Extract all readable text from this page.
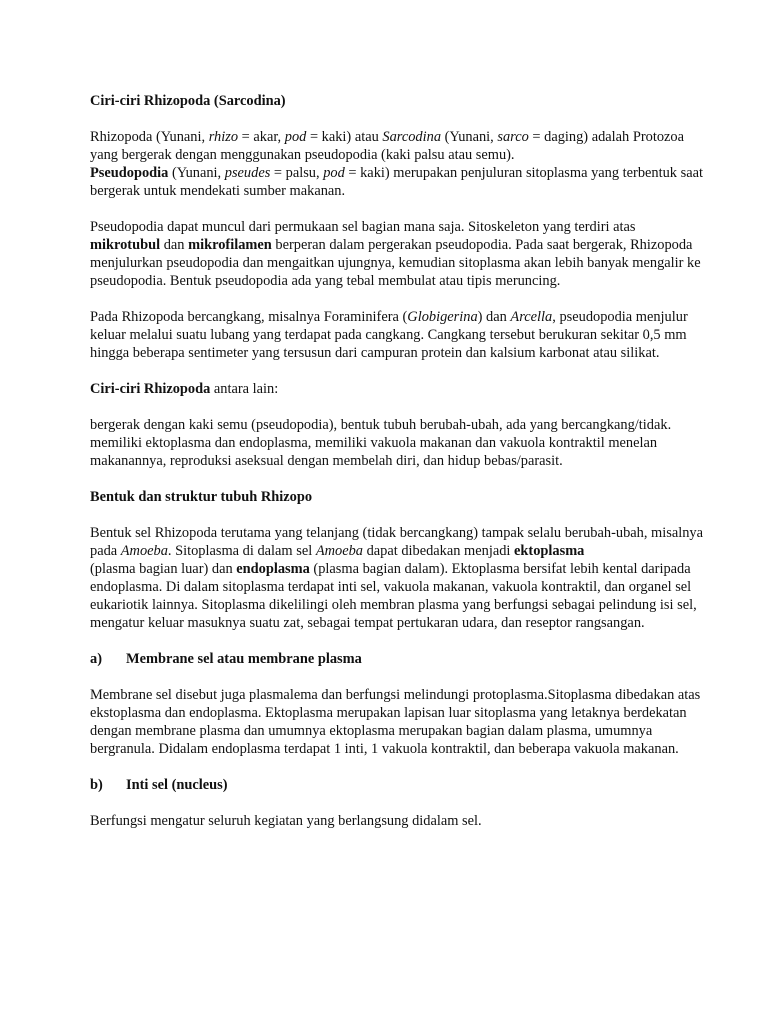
Ciri-ciri Rhizopoda (Sarcodina)

Rhizopoda (Yunani, rhizo = akar, pod = kaki) atau Sarcodina (Yunani, sarco = daging) adalah Protozoa yang bergerak dengan menggunakan pseudopodia (kaki palsu atau semu).
Pseudopodia (Yunani, pseudes = palsu, pod = kaki) merupakan penjuluran sitoplasma yang terbentuk saat bergerak untuk mendekati sumber makanan.

Pseudopodia dapat muncul dari permukaan sel bagian mana saja. Sitoskeleton yang terdiri atas
mikrotubul dan mikrofilamen berperan dalam pergerakan pseudopodia. Pada saat bergerak, Rhizopoda menjulurkan pseudopodia dan mengaitkan ujungnya, kemudian sitoplasma akan lebih banyak mengalir ke pseudopodia. Bentuk pseudopodia ada yang tebal membulat atau tipis meruncing.

Pada Rhizopoda bercangkang, misalnya Foraminifera (Globigerina) dan Arcella, pseudopodia menjulur keluar melalui suatu lubang yang terdapat pada cangkang. Cangkang tersebut berukuran sekitar 0,5 mm hingga beberapa sentimeter yang tersusun dari campuran protein dan kalsium karbonat atau silikat.

Ciri-ciri Rhizopoda antara lain:

bergerak dengan kaki semu (pseudopodia), bentuk tubuh berubah-ubah, ada yang bercangkang/tidak. memiliki ektoplasma dan endoplasma, memiliki vakuola makanan dan vakuola kontraktil menelan makanannya, reproduksi aseksual dengan membelah diri, dan hidup bebas/parasit.

Bentuk dan struktur tubuh Rhizopo

Bentuk sel Rhizopoda terutama yang telanjang (tidak bercangkang) tampak selalu berubah-ubah, misalnya pada Amoeba. Sitoplasma di dalam sel Amoeba dapat dibedakan menjadi ektoplasma
(plasma bagian luar) dan endoplasma (plasma bagian dalam). Ektoplasma bersifat lebih kental daripada endoplasma. Di dalam sitoplasma terdapat inti sel, vakuola makanan, vakuola kontraktil, dan organel sel eukariotik lainnya. Sitoplasma dikelilingi oleh membran plasma yang berfungsi sebagai pelindung isi sel, mengatur keluar masuknya suatu zat, sebagai tempat pertukaran udara, dan reseptor rangsangan.

a) Membrane sel atau membrane plasma

Membrane sel disebut juga plasmalema dan berfungsi melindungi protoplasma.Sitoplasma dibedakan atas ekstoplasma dan endoplasma. Ektoplasma merupakan lapisan luar sitoplasma yang letaknya berdekatan dengan membrane plasma dan umumnya ektoplasma merupakan bagian dalam plasma, umumnya bergranula. Didalam endoplasma terdapat 1 inti, 1 vakuola kontraktil, dan beberapa vakuola makanan.

b) Inti sel (nucleus)

Berfungsi mengatur seluruh kegiatan yang berlangsung didalam sel.
